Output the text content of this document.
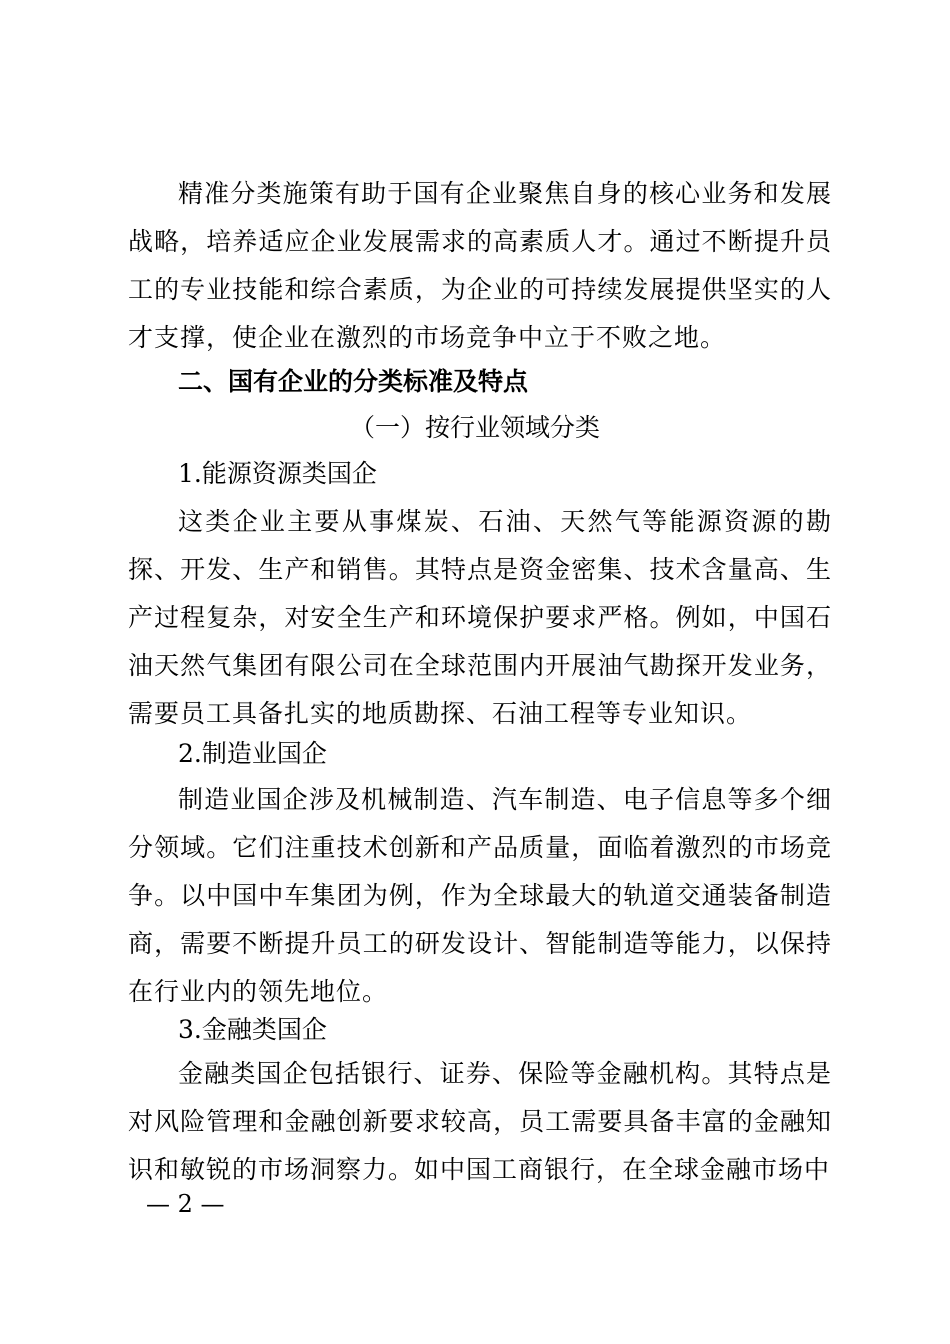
精准分类施策有助于国有企业聚焦自身的核心业务和发展战略，培养适应企业发展需求的高素质人才。通过不断提升员工的专业技能和综合素质，为企业的可持续发展提供坚实的人才支撑，使企业在激烈的市场竞争中立于不败之地。

二、国有企业的分类标准及特点

（一）按行业领域分类

1.能源资源类国企

这类企业主要从事煤炭、石油、天然气等能源资源的勘探、开发、生产和销售。其特点是资金密集、技术含量高、生产过程复杂，对安全生产和环境保护要求严格。例如，中国石油天然气集团有限公司在全球范围内开展油气勘探开发业务，需要员工具备扎实的地质勘探、石油工程等专业知识。

2.制造业国企

制造业国企涉及机械制造、汽车制造、电子信息等多个细分领域。它们注重技术创新和产品质量，面临着激烈的市场竞争。以中国中车集团为例，作为全球最大的轨道交通装备制造商，需要不断提升员工的研发设计、智能制造等能力，以保持在行业内的领先地位。

3.金融类国企

金融类国企包括银行、证券、保险等金融机构。其特点是对风险管理和金融创新要求较高，员工需要具备丰富的金融知识和敏锐的市场洞察力。如中国工商银行，在全球金融市场中

— 2 —
